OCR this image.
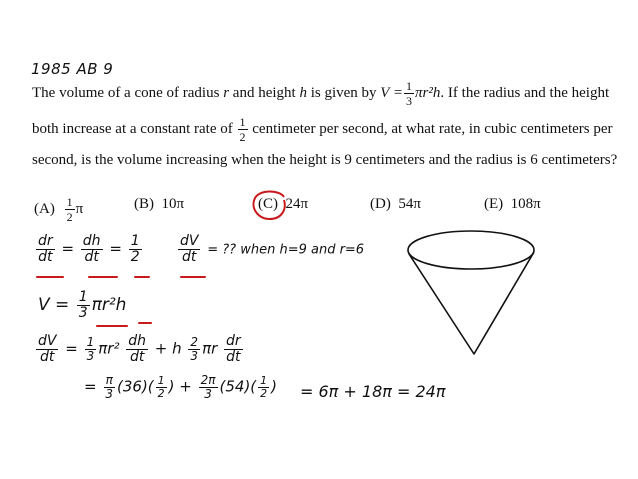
1985 AB 9
The volume of a cone of radius r and height h is given by $V = \frac{1}{3} \pi r^2h$. If the radius and the height
both increase at a constant rate of $\frac{1}{2}$ centimeter per second, at what rate, in cubic centimeters per
second, is the volume increasing when the height is 9 centimeters and the radius is 6 centimeters?
$(A) \frac{1}{2}$ π	(B) 10π	(C) 24π	(D) 54π	(E) 108π
$\frac{dr}{dt} = \frac{dh}{dt} = \frac{1}{2}$	$\frac{dV}{dt}$ = ?? when h=9 and r=6
$V = \frac{1}{3} \pi r^2h$
$\frac{dV}{dt} = \frac{1}{3} \pi r^2 \frac{dh}{dt} + h \frac{2}{3}$ πr $\frac{dr}{dt}$
= $\frac{\pi}{3} (36)( \frac{1}{2}$ ) + $\frac{2\pi}{3} (54)( \frac{1}{2}$ ) = 6π + 18π = 24π
